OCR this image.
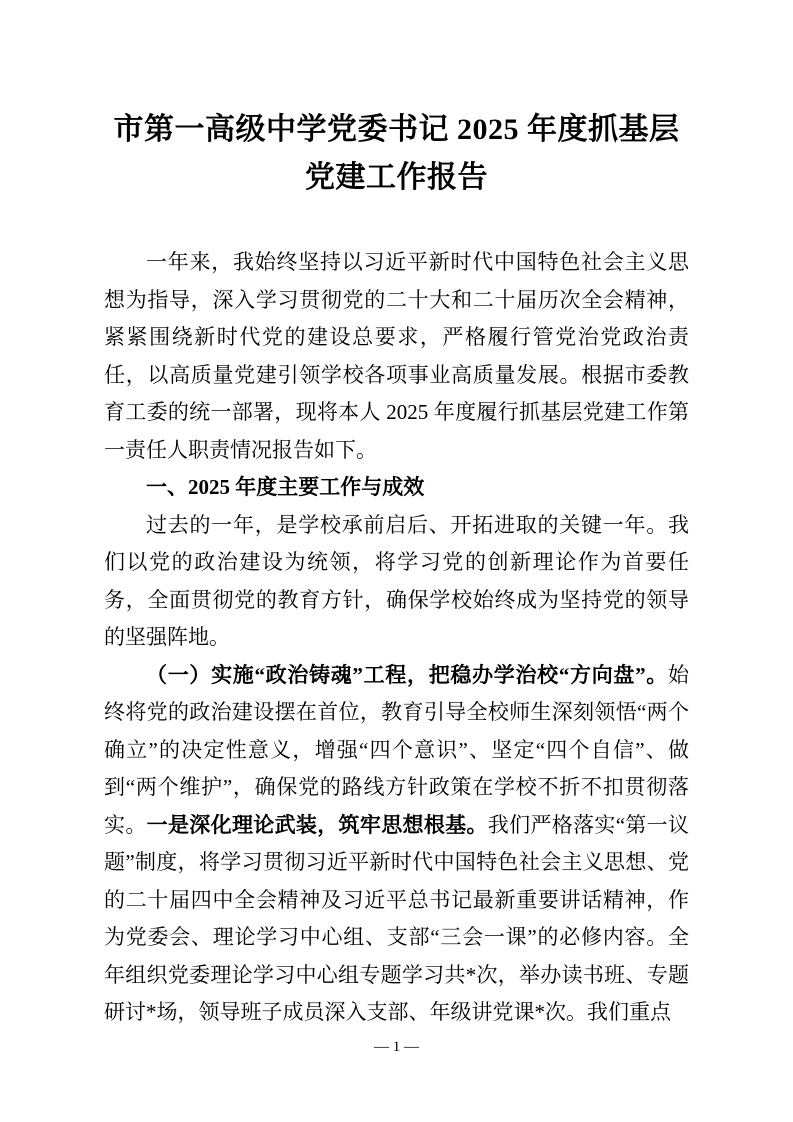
市第一高级中学党委书记 2025 年度抓基层党建工作报告

一年来，我始终坚持以习近平新时代中国特色社会主义思想为指导，深入学习贯彻党的二十大和二十届历次全会精神，紧紧围绕新时代党的建设总要求，严格履行管党治党政治责任，以高质量党建引领学校各项事业高质量发展。根据市委教育工委的统一部署，现将本人 2025 年度履行抓基层党建工作第一责任人职责情况报告如下。

一、2025 年度主要工作与成效

过去的一年，是学校承前启后、开拓进取的关键一年。我们以党的政治建设为统领，将学习党的创新理论作为首要任务，全面贯彻党的教育方针，确保学校始终成为坚持党的领导的坚强阵地。

（一）实施“政治铸魂”工程，把稳办学治校“方向盘”。始终将党的政治建设摆在首位，教育引导全校师生深刻领悟“两个确立”的决定性意义，增强“四个意识”、坚定“四个自信”、做到“两个维护”，确保党的路线方针政策在学校不折不扣贯彻落实。一是深化理论武装，筑牢思想根基。我们严格落实“第一议题”制度，将学习贯彻习近平新时代中国特色社会主义思想、党的二十届四中全会精神及习近平总书记最新重要讲话精神，作为党委会、理论学习中心组、支部“三会一课”的必修内容。全年组织党委理论学习中心组专题学习共*次，举办读书班、专题研讨*场，领导班子成员深入支部、年级讲党课*次。我们重点

— 1 —
